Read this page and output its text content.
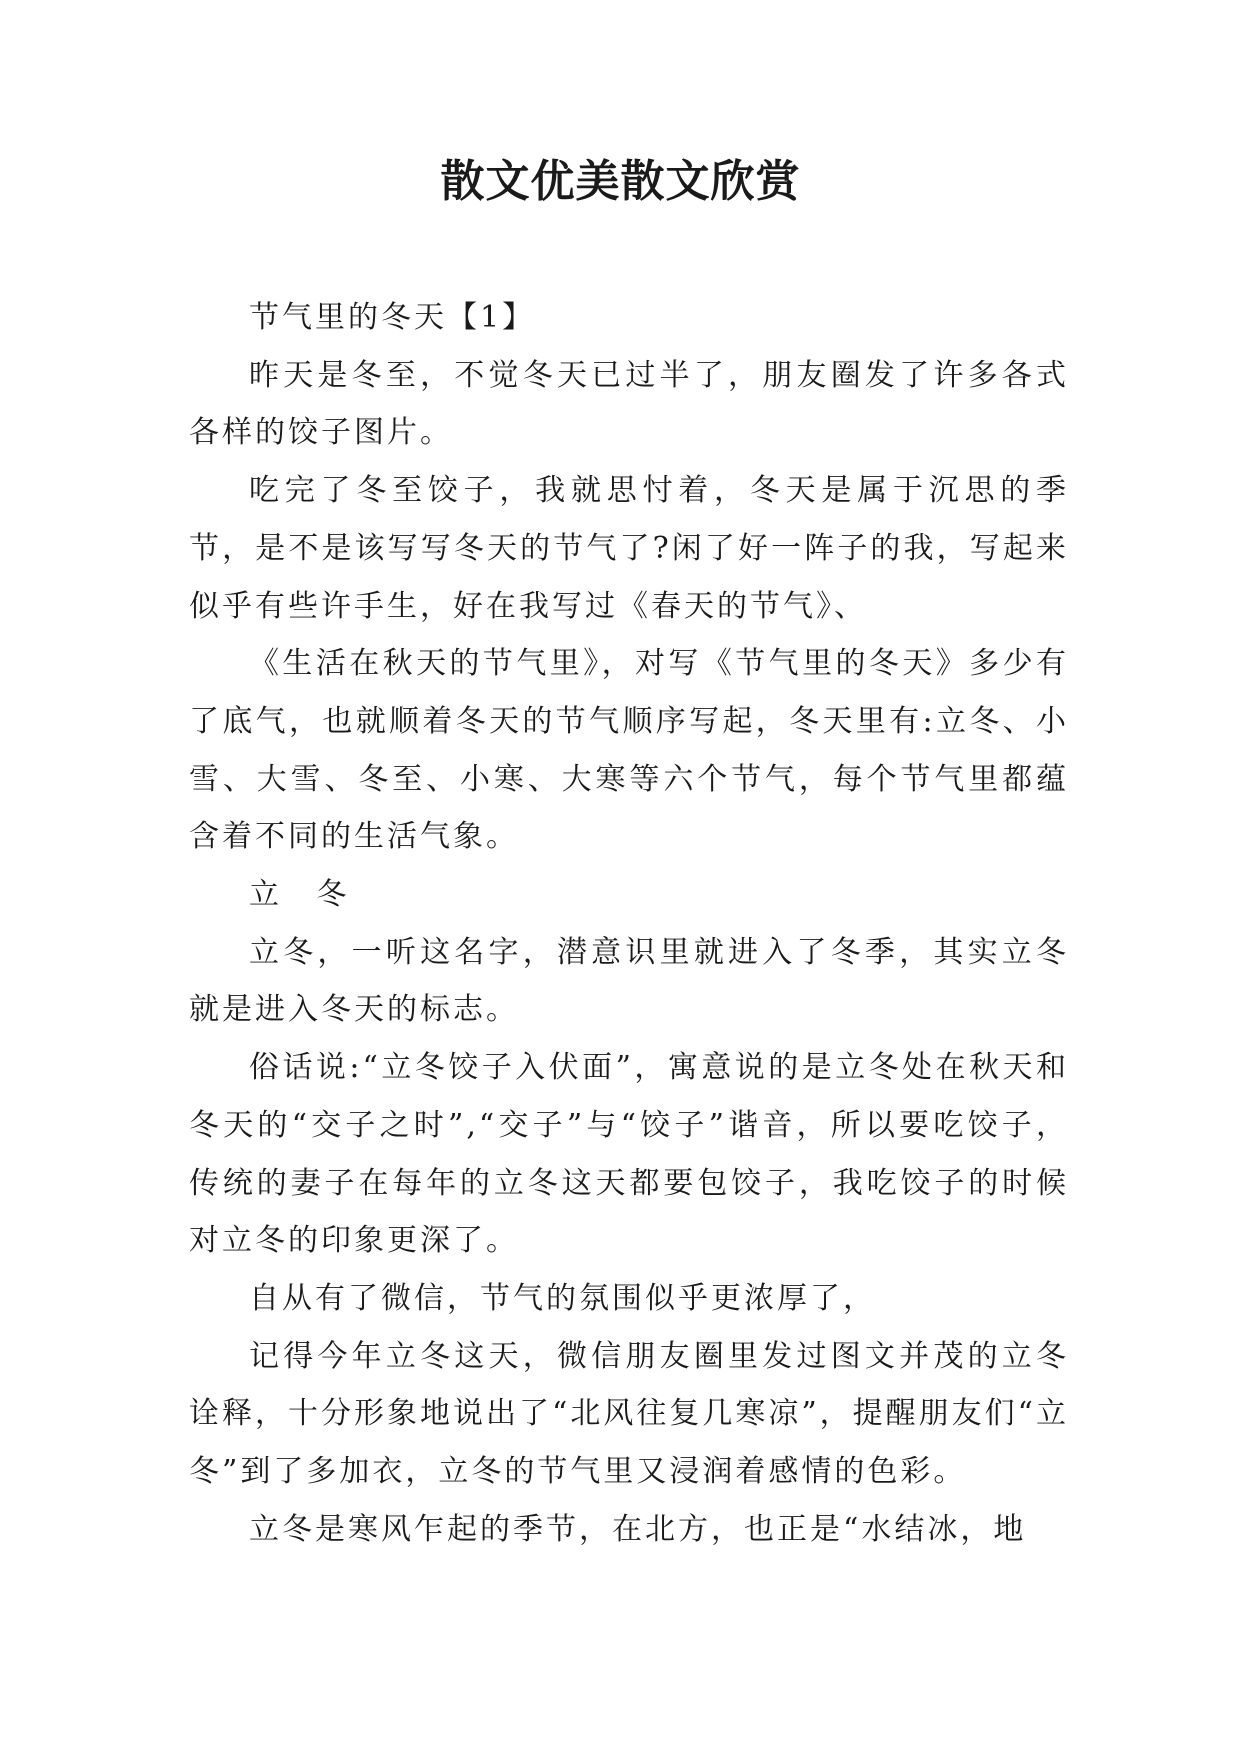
散文优美散文欣赏

节气里的冬天【1】

昨天是冬至，不觉冬天已过半了，朋友圈发了许多各式各样的饺子图片。

吃完了冬至饺子，我就思忖着，冬天是属于沉思的季节，是不是该写写冬天的节气了?闲了好一阵子的我，写起来似乎有些许手生，好在我写过《春天的节气》、

《生活在秋天的节气里》，对写《节气里的冬天》多少有了底气，也就顺着冬天的节气顺序写起，冬天里有:立冬、小雪、大雪、冬至、小寒、大寒等六个节气，每个节气里都蕴含着不同的生活气象。

立 冬

立冬，一听这名字，潜意识里就进入了冬季，其实立冬就是进入冬天的标志。

俗话说:“立冬饺子入伏面”，寓意说的是立冬处在秋天和冬天的“交子之时”,“交子”与“饺子”谐音，所以要吃饺子，传统的妻子在每年的立冬这天都要包饺子，我吃饺子的时候对立冬的印象更深了。

自从有了微信，节气的氛围似乎更浓厚了，

记得今年立冬这天，微信朋友圈里发过图文并茂的立冬诠释，十分形象地说出了“北风往复几寒凉”，提醒朋友们“立冬”到了多加衣，立冬的节气里又浸润着感情的色彩。

立冬是寒风乍起的季节，在北方，也正是“水结冰，地
